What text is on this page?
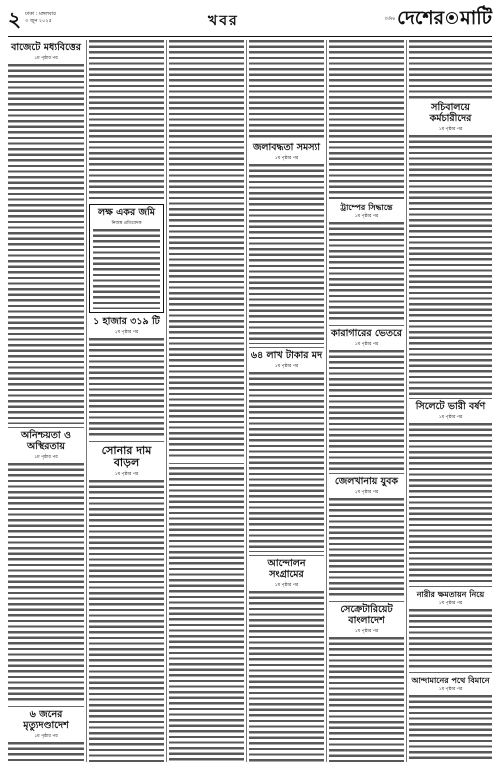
২ ঢাকা : মঙ্গলবার
৩ জুন ২০২৫	খবর	দৈনিক দেশের মাটি
বাজেটে মধ্যবিত্তের
১ম পৃষ্ঠার পর
অনিশ্চয়তা ও অস্থিরতায়
১ম পৃষ্ঠার পর
৬ জনের মৃত্যুদণ্ডাদেশ
১ম পৃষ্ঠার পর
লক্ষ একর জমি
নিজস্ব প্রতিবেদক
১ হাজার ৩১৯ টি
১ম পৃষ্ঠার পর
সোনার দাম বাড়ল
১ম পৃষ্ঠার পর
জলাবদ্ধতা সমস্যা
১ম পৃষ্ঠার পর
৬৪ লাখ টাকার মদ
১ম পৃষ্ঠার পর
আন্দোলন সংগ্রামের
১ম পৃষ্ঠার পর
ট্রাম্পের সিদ্ধান্তে
১ম পৃষ্ঠার পর
কারাগারের ভেতরে
১ম পৃষ্ঠার পর
জেলখানায় যুবক
১ম পৃষ্ঠার পর
সেক্রেটারিয়েট বাংলাদেশ
১ম পৃষ্ঠার পর
সচিবালয়ে কর্মচারীদের
১ম পৃষ্ঠার পর
সিলেটে ভারী বর্ষণ
১ম পৃষ্ঠার পর
নারীর ক্ষমতায়ন নিয়ে
১ম পৃষ্ঠার পর
আন্দামানের পথে বিমানে
১ম পৃষ্ঠার পর
